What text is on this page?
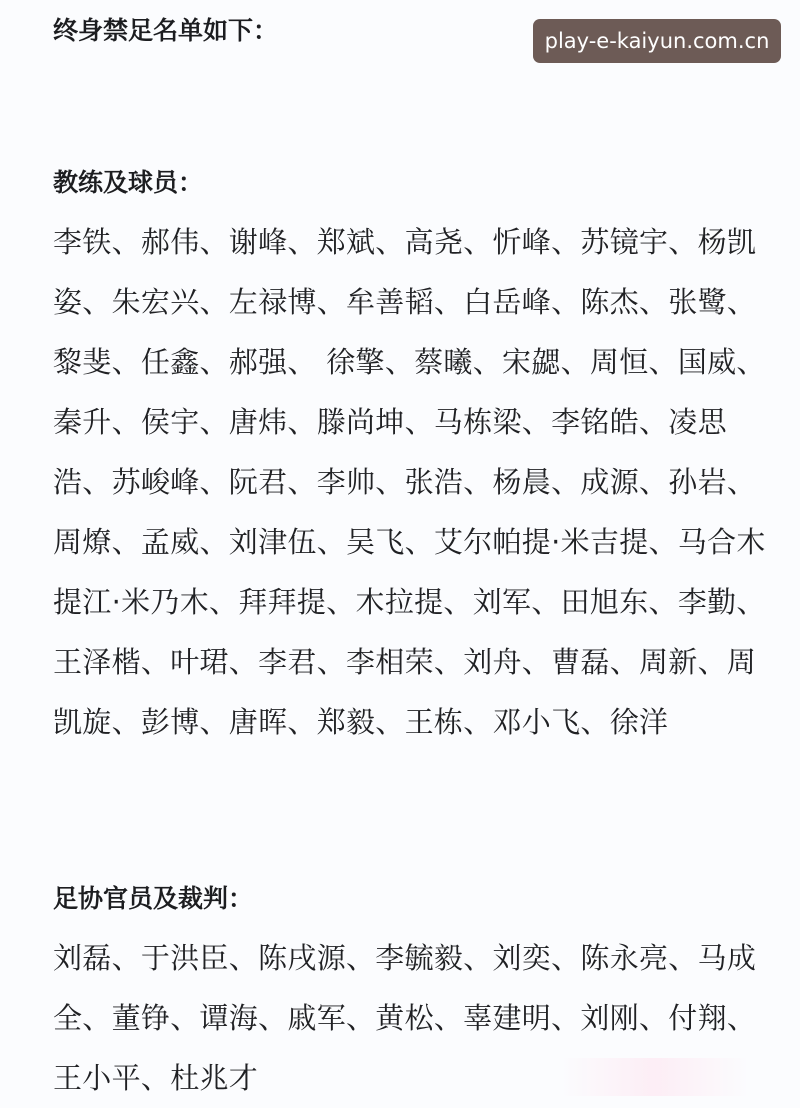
play-e-kaiyun.com.cn
终身禁足名单如下：
教练及球员：

李铁、郝伟、谢峰、郑斌、高尧、忻峰、苏镜宇、杨凯姿、朱宏兴、左禄博、牟善韬、白岳峰、陈杰、张鹭、黎斐、任鑫、郝强、 徐擎、蔡曦、宋勰、周恒、国威、秦升、侯宇、唐炜、滕尚坤、马栋梁、李铭皓、凌思浩、苏峻峰、阮君、李帅、张浩、杨晨、成源、孙岩、周燎、孟威、刘津伍、吴飞、艾尔帕提·米吉提、马合木提江·米乃木、拜拜提、木拉提、刘军、田旭东、李勤、王泽楷、叶珺、李君、李相荣、刘舟、曹磊、周新、周凯旋、彭博、唐晖、郑毅、王栋、邓小飞、徐洋

足协官员及裁判：

刘磊、于洪臣、陈戌源、李毓毅、刘奕、陈永亮、马成全、董铮、谭海、戚军、黄松、辜建明、刘刚、付翔、王小平、杜兆才
